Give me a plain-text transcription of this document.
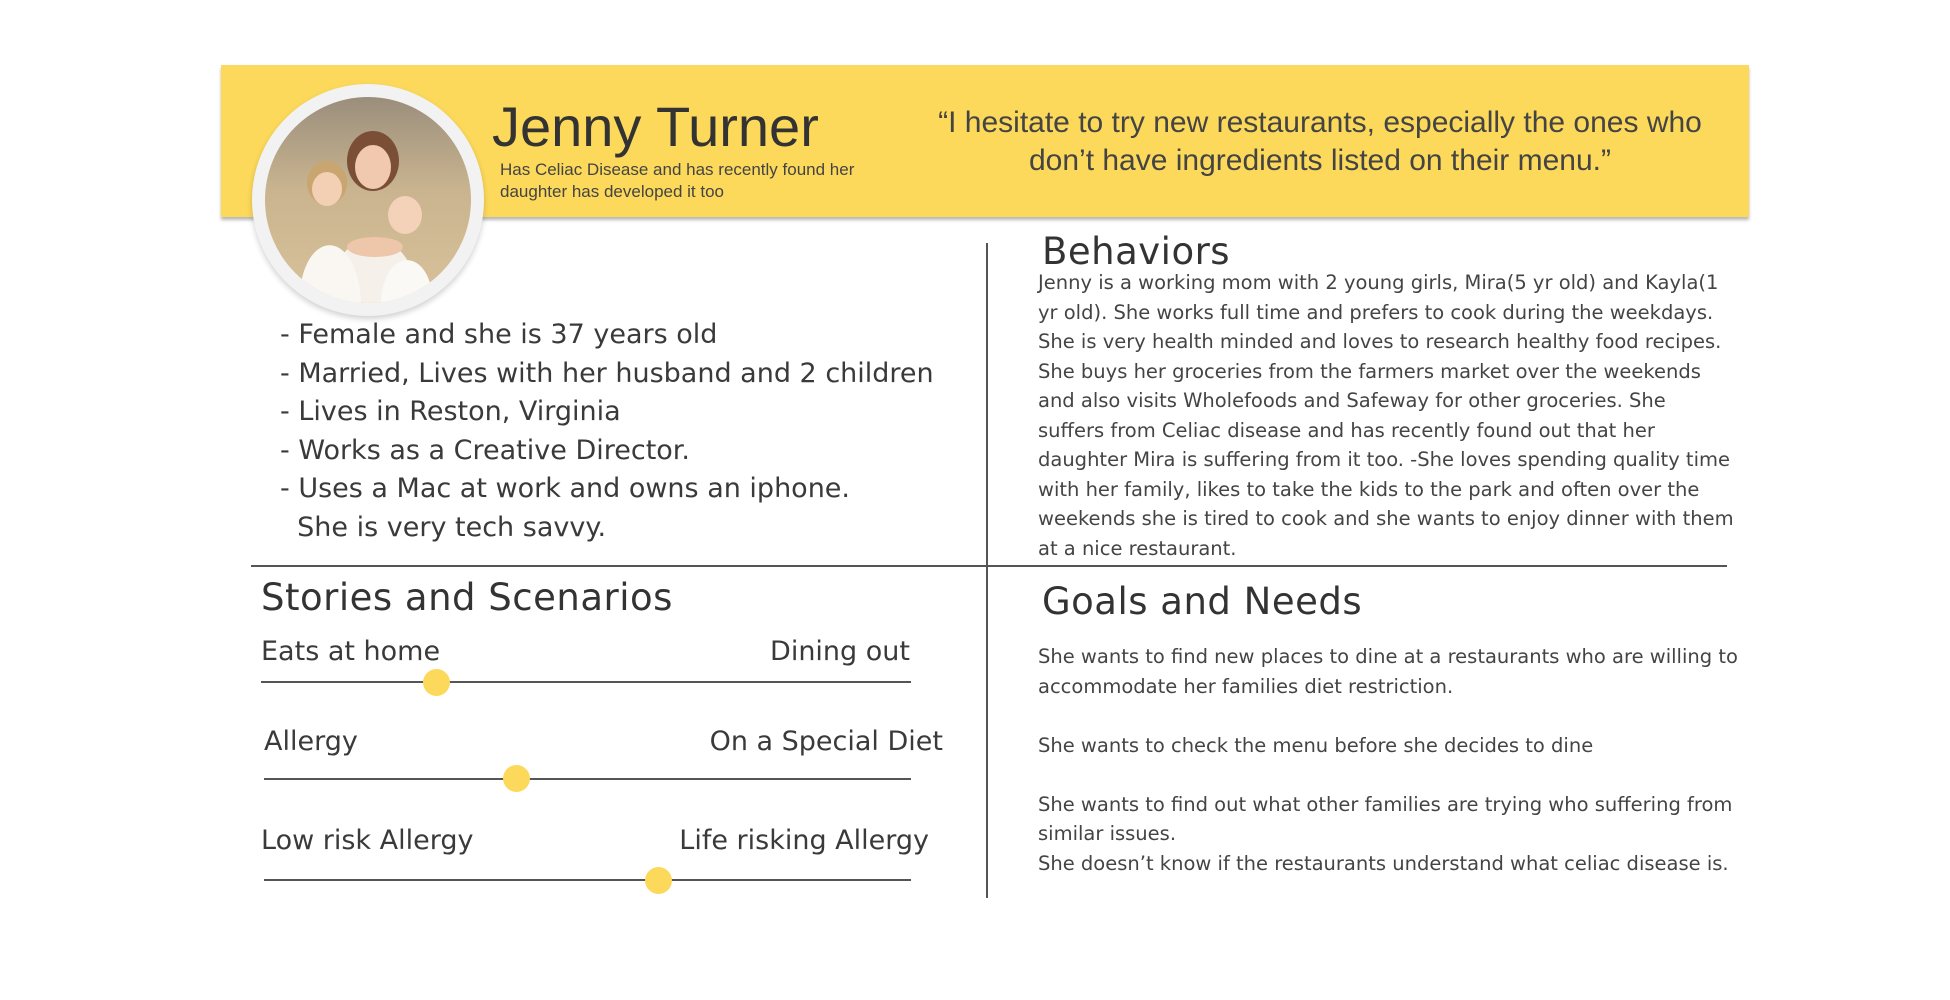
Jenny Turner
Has Celiac Disease and has recently found her daughter has developed it too
“I hesitate to try new restaurants, especially the ones who don’t have ingredients listed on their menu.”
- Female and she is 37 years old
- Married, Lives with her husband and 2 children
- Lives in Reston, Virginia
- Works as a Creative Director.
- Uses a Mac at work and owns an iphone.
She is very tech savvy.
Behaviors
Jenny is a working mom with 2 young girls, Mira(5 yr old) and Kayla(1 yr old). She works full time and prefers to cook during the weekdays. She is very health minded and loves to research healthy food recipes. She buys her groceries from the farmers market over the weekends and also visits Wholefoods and Safeway for other groceries. She suffers from Celiac disease and has recently found out that her daughter Mira is suffering from it too. -She loves spending quality time with her family, likes to take the kids to the park and often over the weekends she is tired to cook and she wants to enjoy dinner with them at a nice restaurant.
Stories and Scenarios
Eats at home	Dining out
Allergy	On a Special Diet
Low risk Allergy	Life risking Allergy
Goals and Needs

She wants to find new places to dine at a restaurants who are willing to accommodate her families diet restriction.

She wants to check the menu before she decides to dine

She wants to find out what other families are trying who suffering from similar issues.

She doesn’t know if the restaurants understand what celiac disease is.
